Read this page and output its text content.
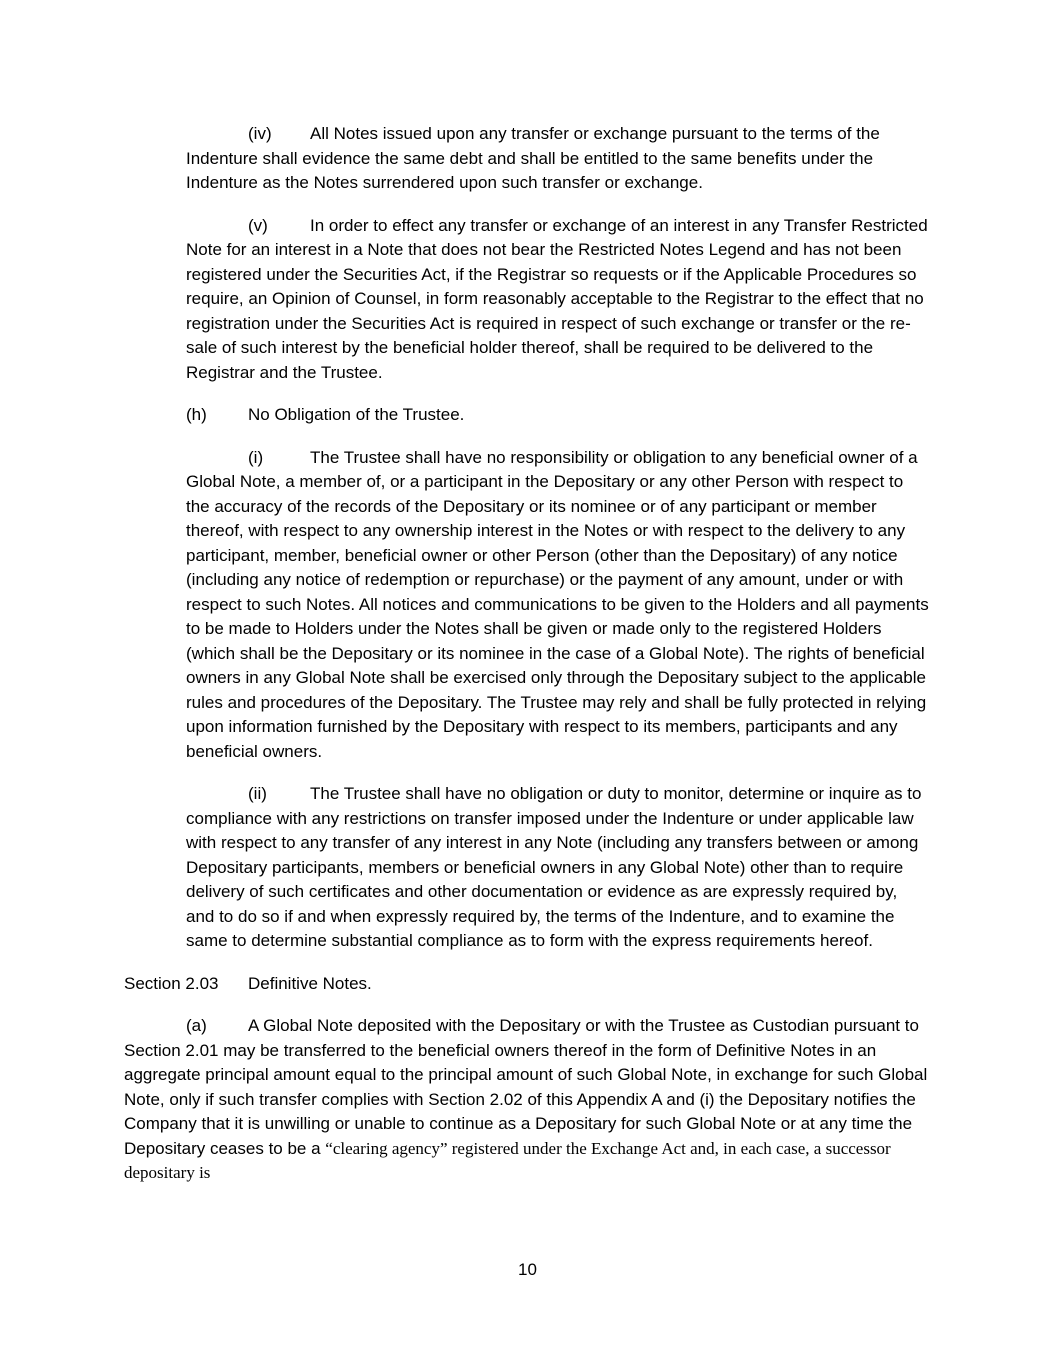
(iv) All Notes issued upon any transfer or exchange pursuant to the terms of the Indenture shall evidence the same debt and shall be entitled to the same benefits under the Indenture as the Notes surrendered upon such transfer or exchange.

(v) In order to effect any transfer or exchange of an interest in any Transfer Restricted Note for an interest in a Note that does not bear the Restricted Notes Legend and has not been registered under the Securities Act, if the Registrar so requests or if the Applicable Procedures so require, an Opinion of Counsel, in form reasonably acceptable to the Registrar to the effect that no registration under the Securities Act is required in respect of such exchange or transfer or the re-sale of such interest by the beneficial holder thereof, shall be required to be delivered to the Registrar and the Trustee.

(h) No Obligation of the Trustee.

(i)	The Trustee shall have no responsibility or obligation to any beneficial owner of a Global Note, a member of, or a participant in the Depositary or any other Person with respect to the accuracy of the records of the Depositary or its nominee or of any participant or member thereof, with respect to any ownership interest in the Notes or with respect to the delivery to any participant, member, beneficial owner or other Person (other than the Depositary) of any notice (including any notice of redemption or repurchase) or the payment of any amount, under or with respect to such Notes. All notices and communications to be given to the Holders and all payments to be made to Holders under the Notes shall be given or made only to the registered Holders (which shall be the Depositary or its nominee in the case of a Global Note). The rights of beneficial owners in any Global Note shall be exercised only through the Depositary subject to the applicable rules and procedures of the Depositary. The Trustee may rely and shall be fully protected in relying upon information furnished by the Depositary with respect to its members, participants and any beneficial owners.

(ii)	The Trustee shall have no obligation or duty to monitor, determine or inquire as to compliance with any restrictions on transfer imposed under the Indenture or under applicable law with respect to any transfer of any interest in any Note (including any transfers between or among Depositary participants, members or beneficial owners in any Global Note) other than to require delivery of such certificates and other documentation or evidence as are expressly required by, and to do so if and when expressly required by, the terms of the Indenture, and to examine the same to determine substantial compliance as to form with the express requirements hereof.

Section 2.03 Definitive Notes.

(a) A Global Note deposited with the Depositary or with the Trustee as Custodian pursuant to Section 2.01 may be transferred to the beneficial owners thereof in the form of Definitive Notes in an aggregate principal amount equal to the principal amount of such Global Note, in exchange for such Global Note, only if such transfer complies with Section 2.02 of this Appendix A and (i) the Depositary notifies the Company that it is unwilling or unable to continue as a Depositary for such Global Note or at any time the Depositary ceases to be a “clearing agency” registered under the Exchange Act and, in each case, a successor depositary is

10
